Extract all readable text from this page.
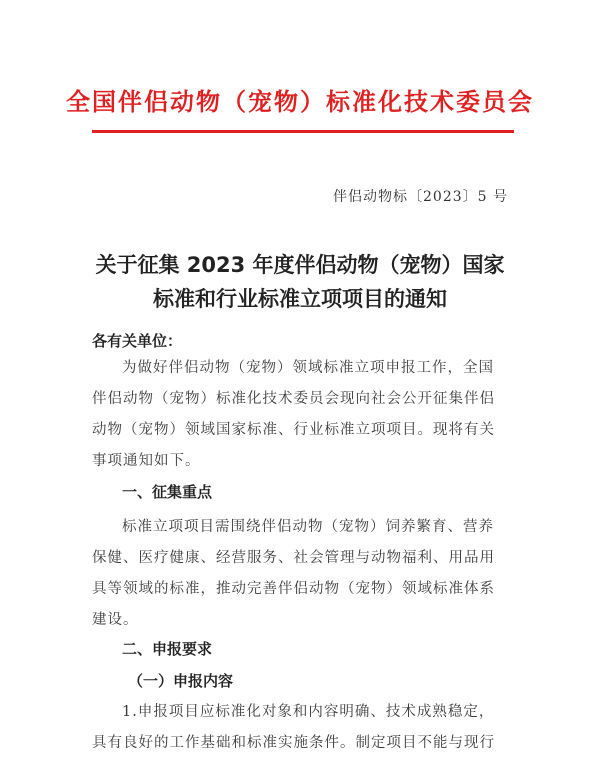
全国伴侣动物（宠物）标准化技术委员会
伴侣动物标〔2023〕5 号
关于征集 2023 年度伴侣动物（宠物）国家
标准和行业标准立项项目的通知
各有关单位：
为做好伴侣动物（宠物）领域标准立项申报工作，全国
伴侣动物（宠物）标准化技术委员会现向社会公开征集伴侣
动物（宠物）领域国家标准、行业标准立项项目。现将有关
事项通知如下。
一、征集重点
标准立项项目需围绕伴侣动物（宠物）饲养繁育、营养
保健、医疗健康、经营服务、社会管理与动物福利、用品用
具等领域的标准，推动完善伴侣动物（宠物）领域标准体系
建设。
二、申报要求
（一）申报内容
1.申报项目应标准化对象和内容明确、技术成熟稳定，
具有良好的工作基础和标准实施条件。制定项目不能与现行
